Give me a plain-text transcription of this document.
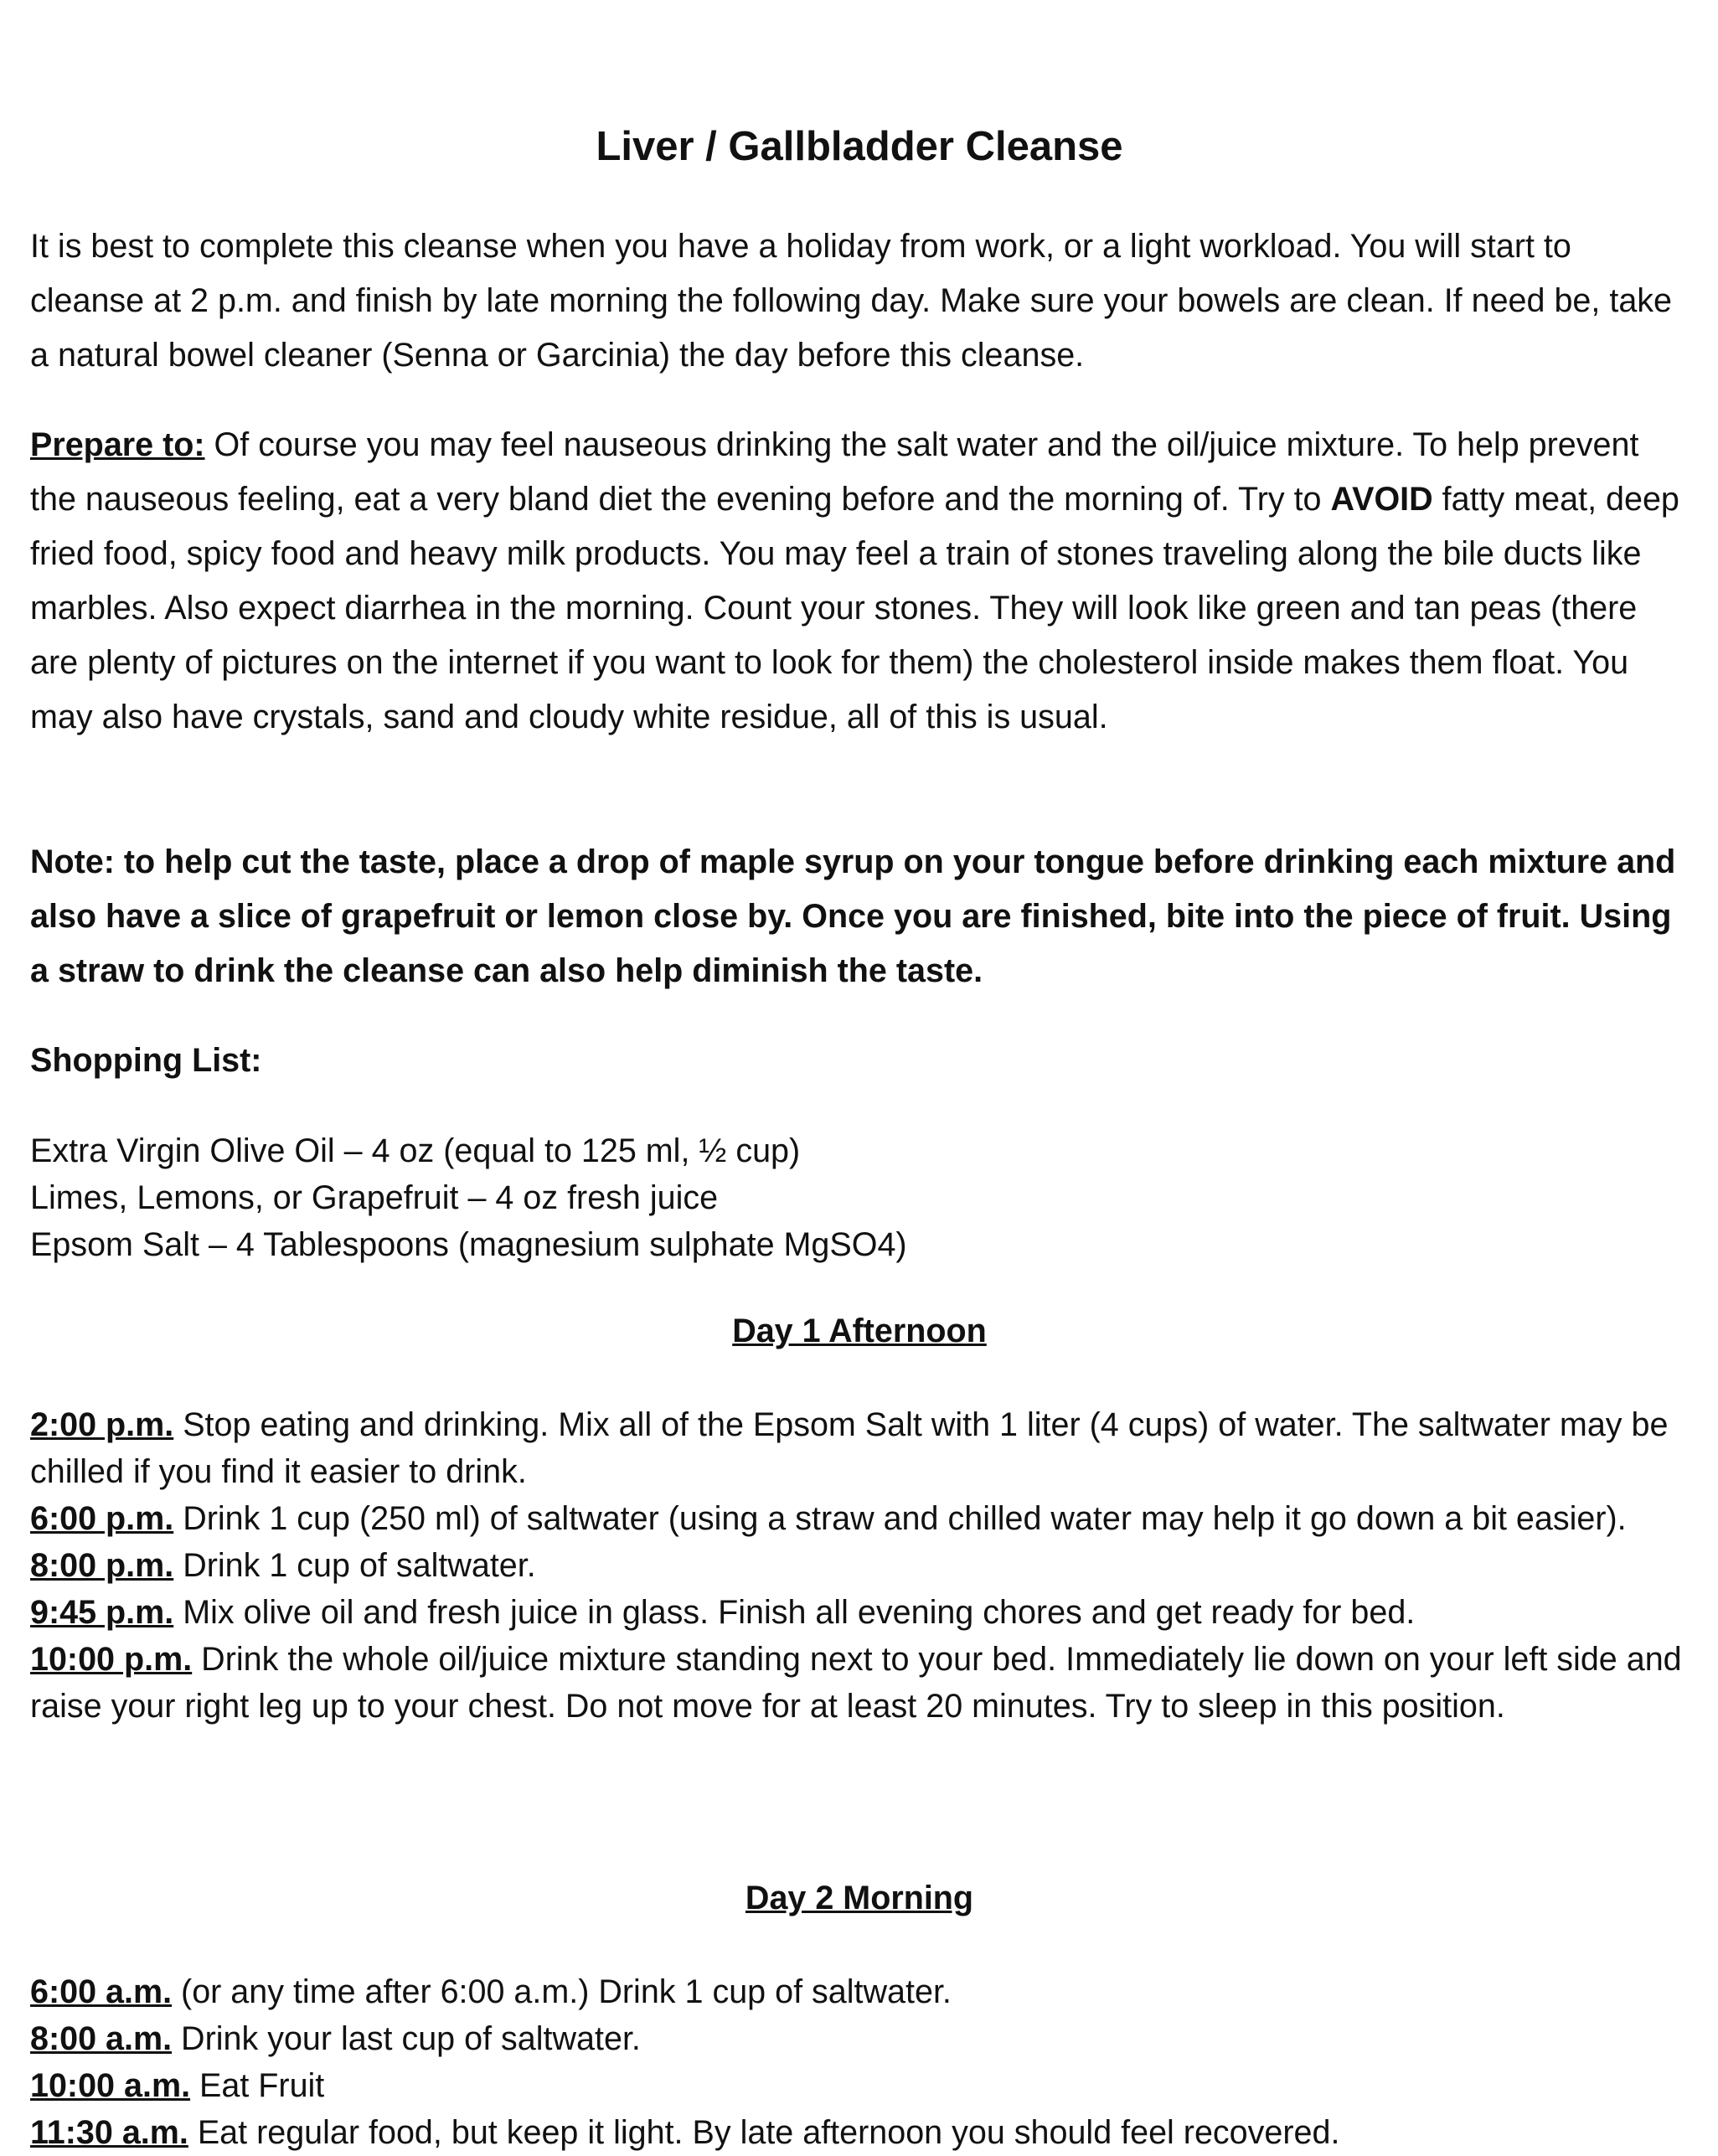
Liver / Gallbladder Cleanse
It is best to complete this cleanse when you have a holiday from work, or a light workload. You will start to cleanse at 2 p.m. and finish by late morning the following day. Make sure your bowels are clean. If need be, take a natural bowel cleaner (Senna or Garcinia) the day before this cleanse.
Prepare to: Of course you may feel nauseous drinking the salt water and the oil/juice mixture. To help prevent the nauseous feeling, eat a very bland diet the evening before and the morning of. Try to AVOID fatty meat, deep fried food, spicy food and heavy milk products. You may feel a train of stones traveling along the bile ducts like marbles. Also expect diarrhea in the morning. Count your stones. They will look like green and tan peas (there are plenty of pictures on the internet if you want to look for them) the cholesterol inside makes them float. You may also have crystals, sand and cloudy white residue, all of this is usual.
Note: to help cut the taste, place a drop of maple syrup on your tongue before drinking each mixture and also have a slice of grapefruit or lemon close by. Once you are finished, bite into the piece of fruit. Using a straw to drink the cleanse can also help diminish the taste.
Shopping List:
Extra Virgin Olive Oil – 4 oz (equal to 125 ml, ½ cup)
Limes, Lemons, or Grapefruit – 4 oz fresh juice
Epsom Salt – 4 Tablespoons (magnesium sulphate MgSO4)
Day 1 Afternoon
2:00 p.m. Stop eating and drinking. Mix all of the Epsom Salt with 1 liter (4 cups) of water. The saltwater may be chilled if you find it easier to drink.
6:00 p.m. Drink 1 cup (250 ml) of saltwater (using a straw and chilled water may help it go down a bit easier).
8:00 p.m. Drink 1 cup of saltwater.
9:45 p.m. Mix olive oil and fresh juice in glass. Finish all evening chores and get ready for bed.
10:00 p.m. Drink the whole oil/juice mixture standing next to your bed. Immediately lie down on your left side and raise your right leg up to your chest. Do not move for at least 20 minutes. Try to sleep in this position.
Day 2 Morning
6:00 a.m. (or any time after 6:00 a.m.) Drink 1 cup of saltwater.
8:00 a.m. Drink your last cup of saltwater.
10:00 a.m. Eat Fruit
11:30 a.m. Eat regular food, but keep it light. By late afternoon you should feel recovered.
